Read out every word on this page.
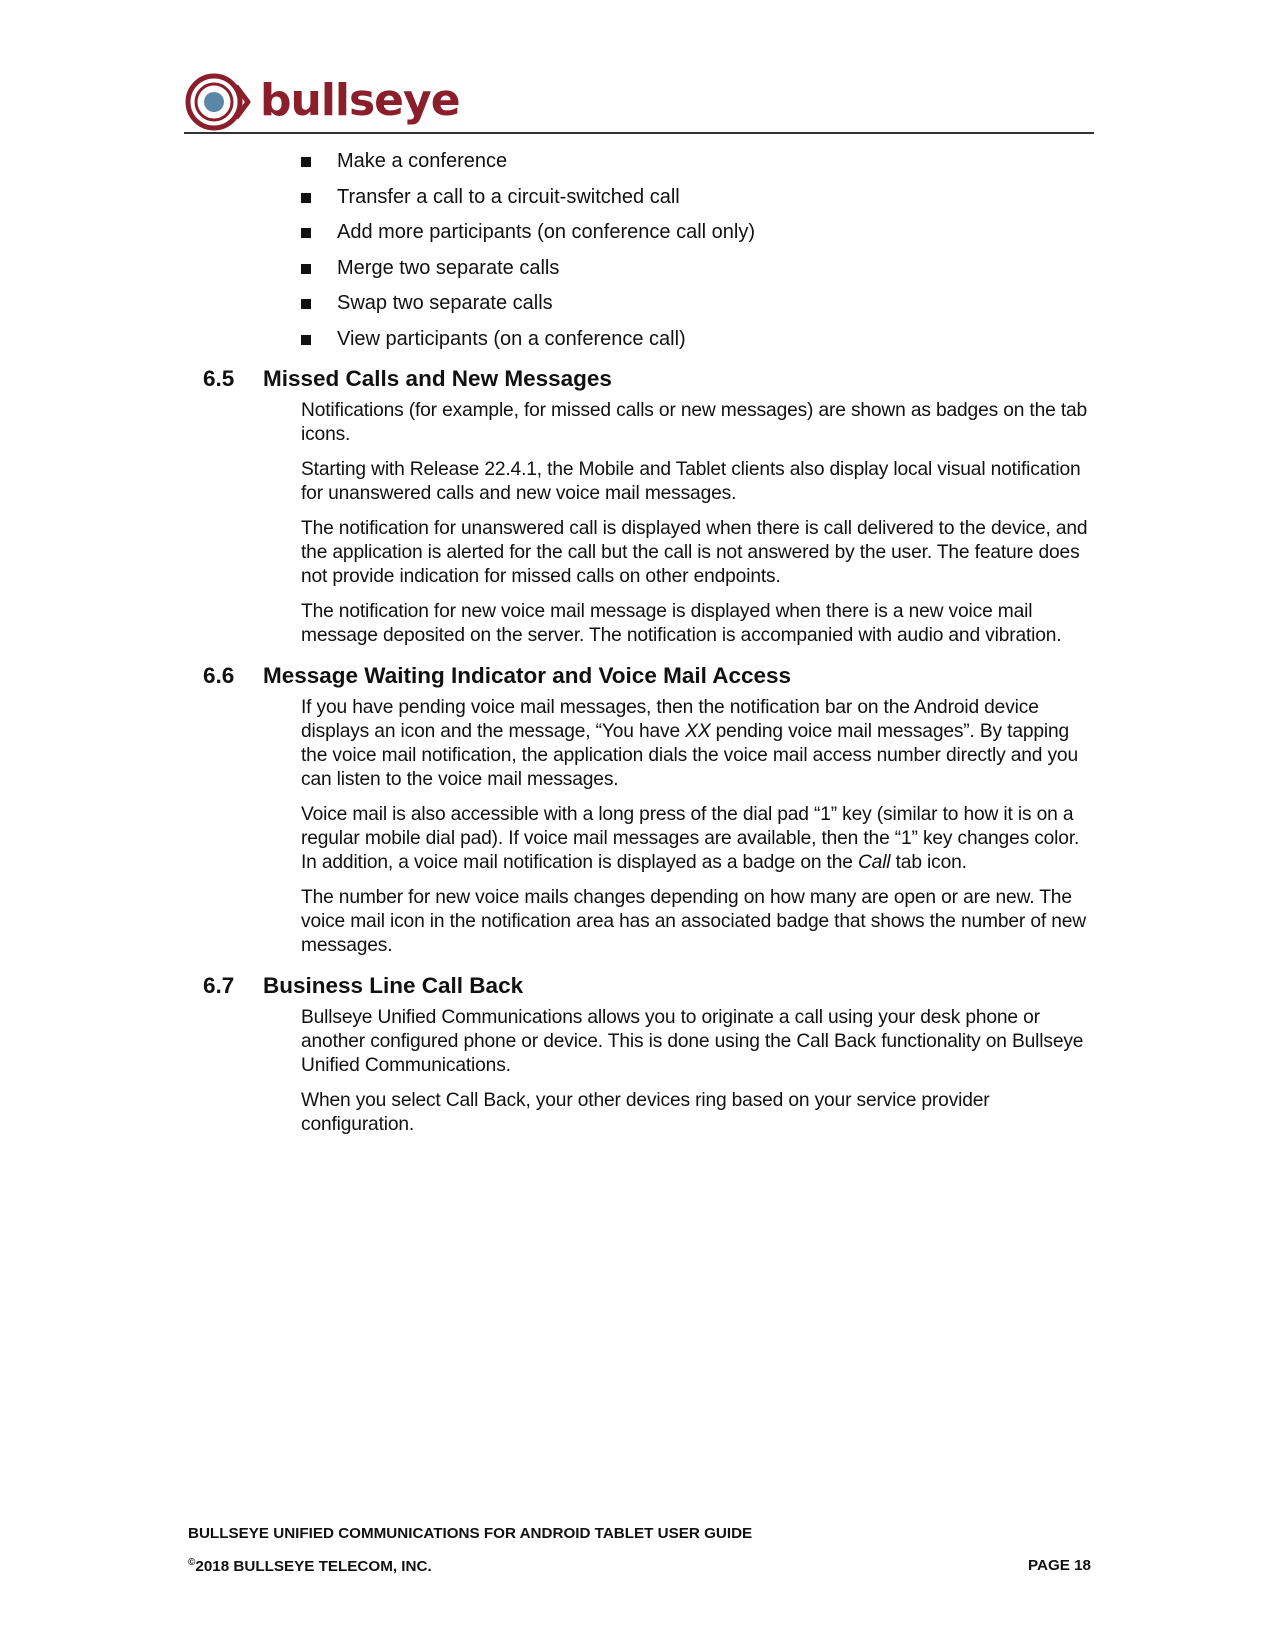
bullseye
Make a conference
Transfer a call to a circuit-switched call
Add more participants (on conference call only)
Merge two separate calls
Swap two separate calls
View participants (on a conference call)
6.5 Missed Calls and New Messages

Notifications (for example, for missed calls or new messages) are shown as badges on the tab icons.

Starting with Release 22.4.1, the Mobile and Tablet clients also display local visual notification for unanswered calls and new voice mail messages.

The notification for unanswered call is displayed when there is call delivered to the device, and the application is alerted for the call but the call is not answered by the user. The feature does not provide indication for missed calls on other endpoints.

The notification for new voice mail message is displayed when there is a new voice mail message deposited on the server. The notification is accompanied with audio and vibration.

6.6 Message Waiting Indicator and Voice Mail Access

If you have pending voice mail messages, then the notification bar on the Android device displays an icon and the message, “You have XX pending voice mail messages”. By tapping the voice mail notification, the application dials the voice mail access number directly and you can listen to the voice mail messages.

Voice mail is also accessible with a long press of the dial pad “1” key (similar to how it is on a regular mobile dial pad). If voice mail messages are available, then the “1” key changes color. In addition, a voice mail notification is displayed as a badge on the Call tab icon.

The number for new voice mails changes depending on how many are open or are new. The voice mail icon in the notification area has an associated badge that shows the number of new messages.

6.7 Business Line Call Back

Bullseye Unified Communications allows you to originate a call using your desk phone or another configured phone or device. This is done using the Call Back functionality on Bullseye Unified Communications.

When you select Call Back, your other devices ring based on your service provider configuration.

BULLSEYE UNIFIED COMMUNICATIONS FOR ANDROID TABLET USER GUIDE
©2018 BULLSEYE TELECOM, INC.	PAGE 18
